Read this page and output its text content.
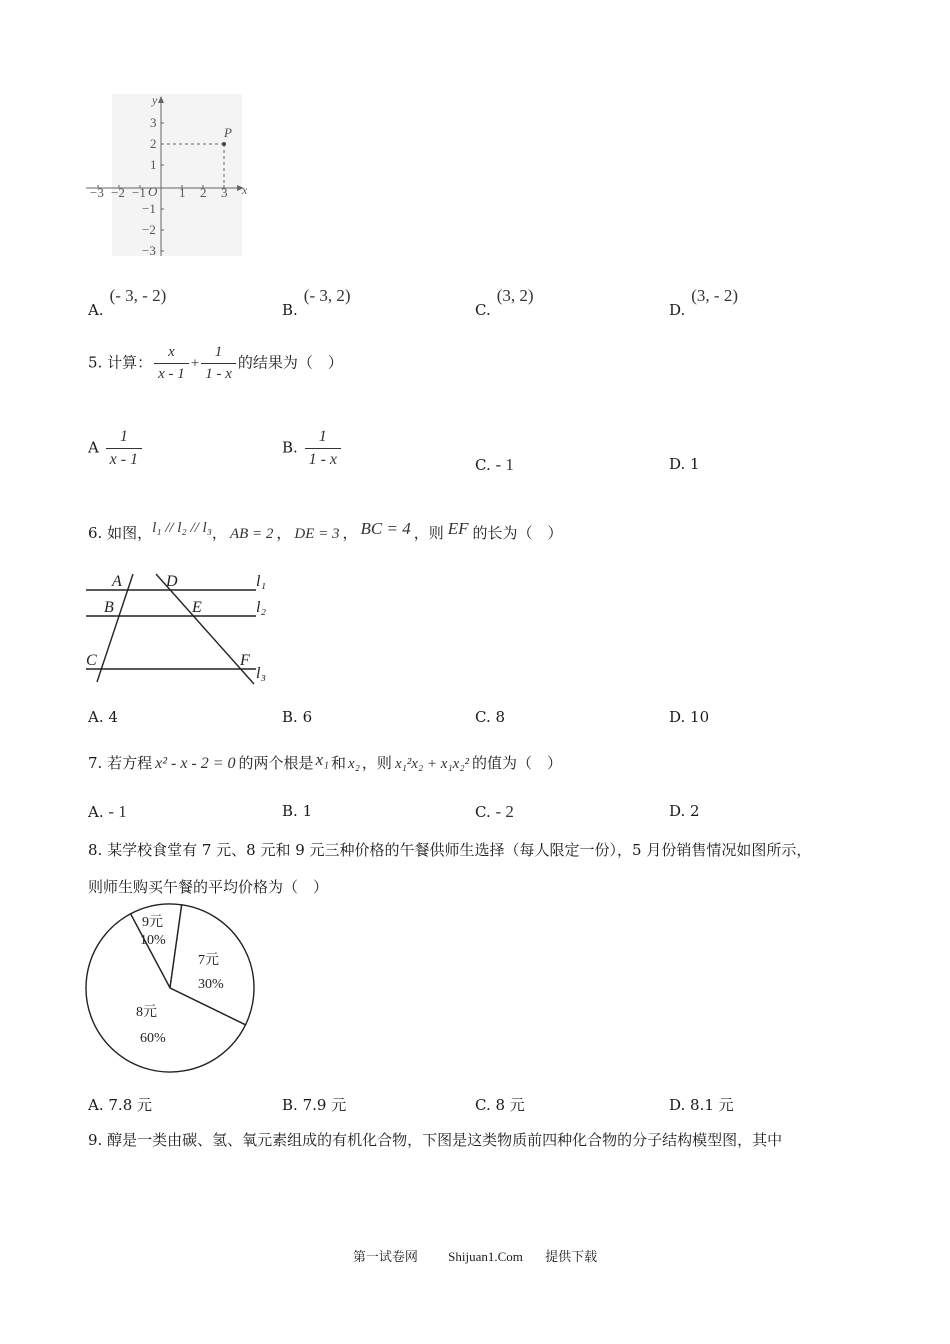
P
y
x
O
−3 −2 −1	1 2 3
3
2
1
−1
−2
−3
A.(- 3, - 2)
B.(- 3, 2)
C.(3, 2)
D.(3, - 2)
5. 计算： $\frac{x}{x - 1} + \frac{1}{1 - x}$ 的结果为（　）
A $\frac{1}{x - 1}$	B. $\frac{1}{1 - x}$	C. - 1	D. 1
6. 如图，l₁ // l₂ // l₃， AB = 2 ， DE = 3 ， BC = 4 ，则 EF 的长为（　）
A	D	l₁
B	E	l₂
C	F
l₃
A. 4	B. 6	C. 8	D. 10
7. 若方程 x² - x - 2 = 0 的两个根是 x₁ 和 x₂ ，则 x₁²x₂ + x₁x₂² 的值为（　）
A. - 1	B. 1	C. - 2	D. 2
8. 某学校食堂有 7 元、8 元和 9 元三种价格的午餐供师生选择（每人限定一份），5 月份销售情况如图所示，
则师生购买午餐的平均价格为（　）
9元
10%
7元
30%
8元
60%
A. 7.8 元	B. 7.9 元	C. 8 元	D. 8.1 元
9. 醇是一类由碳、氢、氧元素组成的有机化合物，下图是这类物质前四种化合物的分子结构模型图，其中
第一试卷网 Shijuan1.Com 提供下载
